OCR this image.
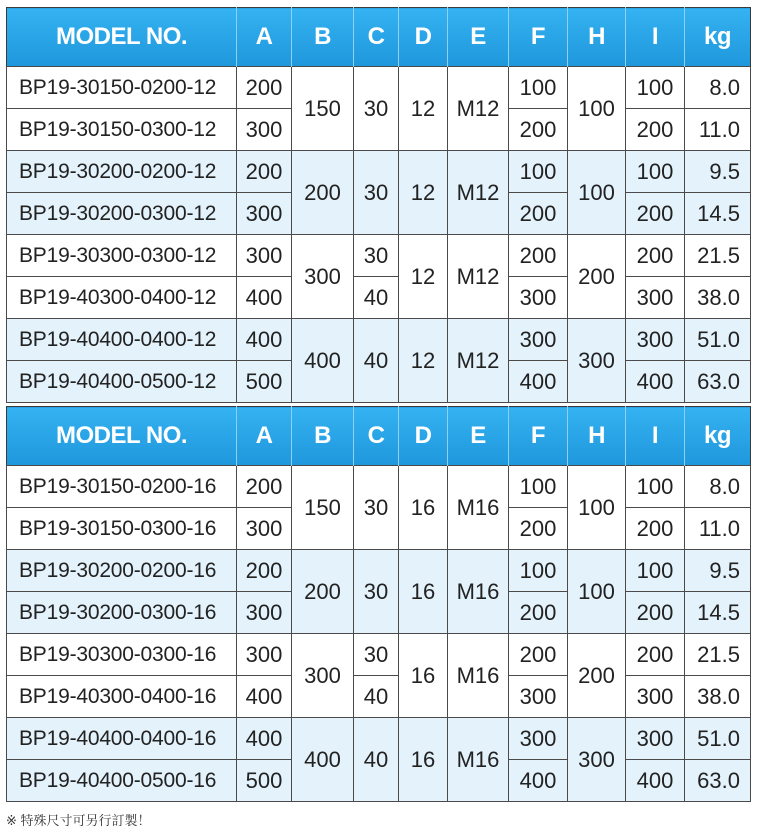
MODEL NO.	A	B	C	D	E	F	H	I	kg
BP19-30150-0200-12	200	150	30	12	M12	100	100	100	8.0
BP19-30150-0300-12	300					200		200	11.0
BP19-30200-0200-12	200	200	30	12	M12	100	100	100	9.5
BP19-30200-0300-12	300					200		200	14.5
BP19-30300-0300-12	300	300	30	12	M12	200	200	200	21.5
BP19-40300-0400-12	400		40			300		300	38.0
BP19-40400-0400-12	400	400	40	12	M12	300	300	300	51.0
BP19-40400-0500-12	500					400		400	63.0
MODEL NO.	A	B	C	D	E	F	H	I	kg
BP19-30150-0200-16	200	150	30	16	M16	100	100	100	8.0
BP19-30150-0300-16	300					200		200	11.0
BP19-30200-0200-16	200	200	30	16	M16	100	100	100	9.5
BP19-30200-0300-16	300					200		200	14.5
BP19-30300-0300-16	300	300	30	16	M16	200	200	200	21.5
BP19-40300-0400-16	400		40			300		300	38.0
BP19-40400-0400-16	400	400	40	16	M16	300	300	300	51.0
BP19-40400-0500-16	500					400		400	63.0
※ 特殊尺寸可另行訂製！
